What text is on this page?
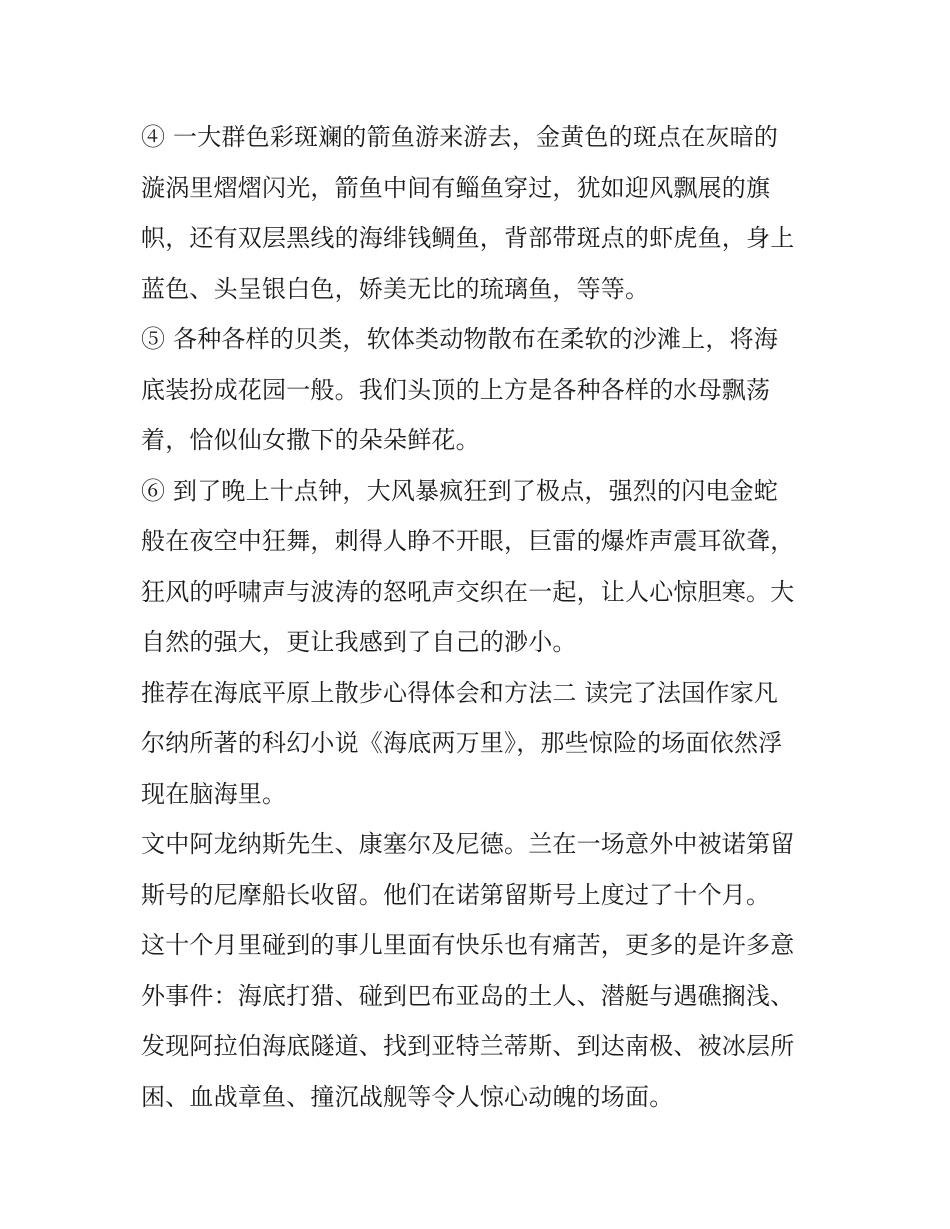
④ 一大群色彩斑斓的箭鱼游来游去，金黄色的斑点在灰暗的
漩涡里熠熠闪光，箭鱼中间有鲻鱼穿过，犹如迎风飘展的旗
帜，还有双层黑线的海绯钱鲷鱼，背部带斑点的虾虎鱼，身上
蓝色、头呈银白色，娇美无比的琉璃鱼，等等。
⑤ 各种各样的贝类，软体类动物散布在柔软的沙滩上，将海
底装扮成花园一般。我们头顶的上方是各种各样的水母飘荡
着，恰似仙女撒下的朵朵鲜花。
⑥ 到了晚上十点钟，大风暴疯狂到了极点，强烈的闪电金蛇
般在夜空中狂舞，刺得人睁不开眼，巨雷的爆炸声震耳欲聋，
狂风的呼啸声与波涛的怒吼声交织在一起，让人心惊胆寒。大
自然的强大，更让我感到了自己的渺小。
推荐在海底平原上散步心得体会和方法二 读完了法国作家凡
尔纳所著的科幻小说《海底两万里》，那些惊险的场面依然浮
现在脑海里。
文中阿龙纳斯先生、康塞尔及尼德。兰在一场意外中被诺第留
斯号的尼摩船长收留。他们在诺第留斯号上度过了十个月。
这十个月里碰到的事儿里面有快乐也有痛苦，更多的是许多意
外事件：海底打猎、碰到巴布亚岛的土人、潜艇与遇礁搁浅、
发现阿拉伯海底隧道、找到亚特兰蒂斯、到达南极、被冰层所
困、血战章鱼、撞沉战舰等令人惊心动魄的场面。
